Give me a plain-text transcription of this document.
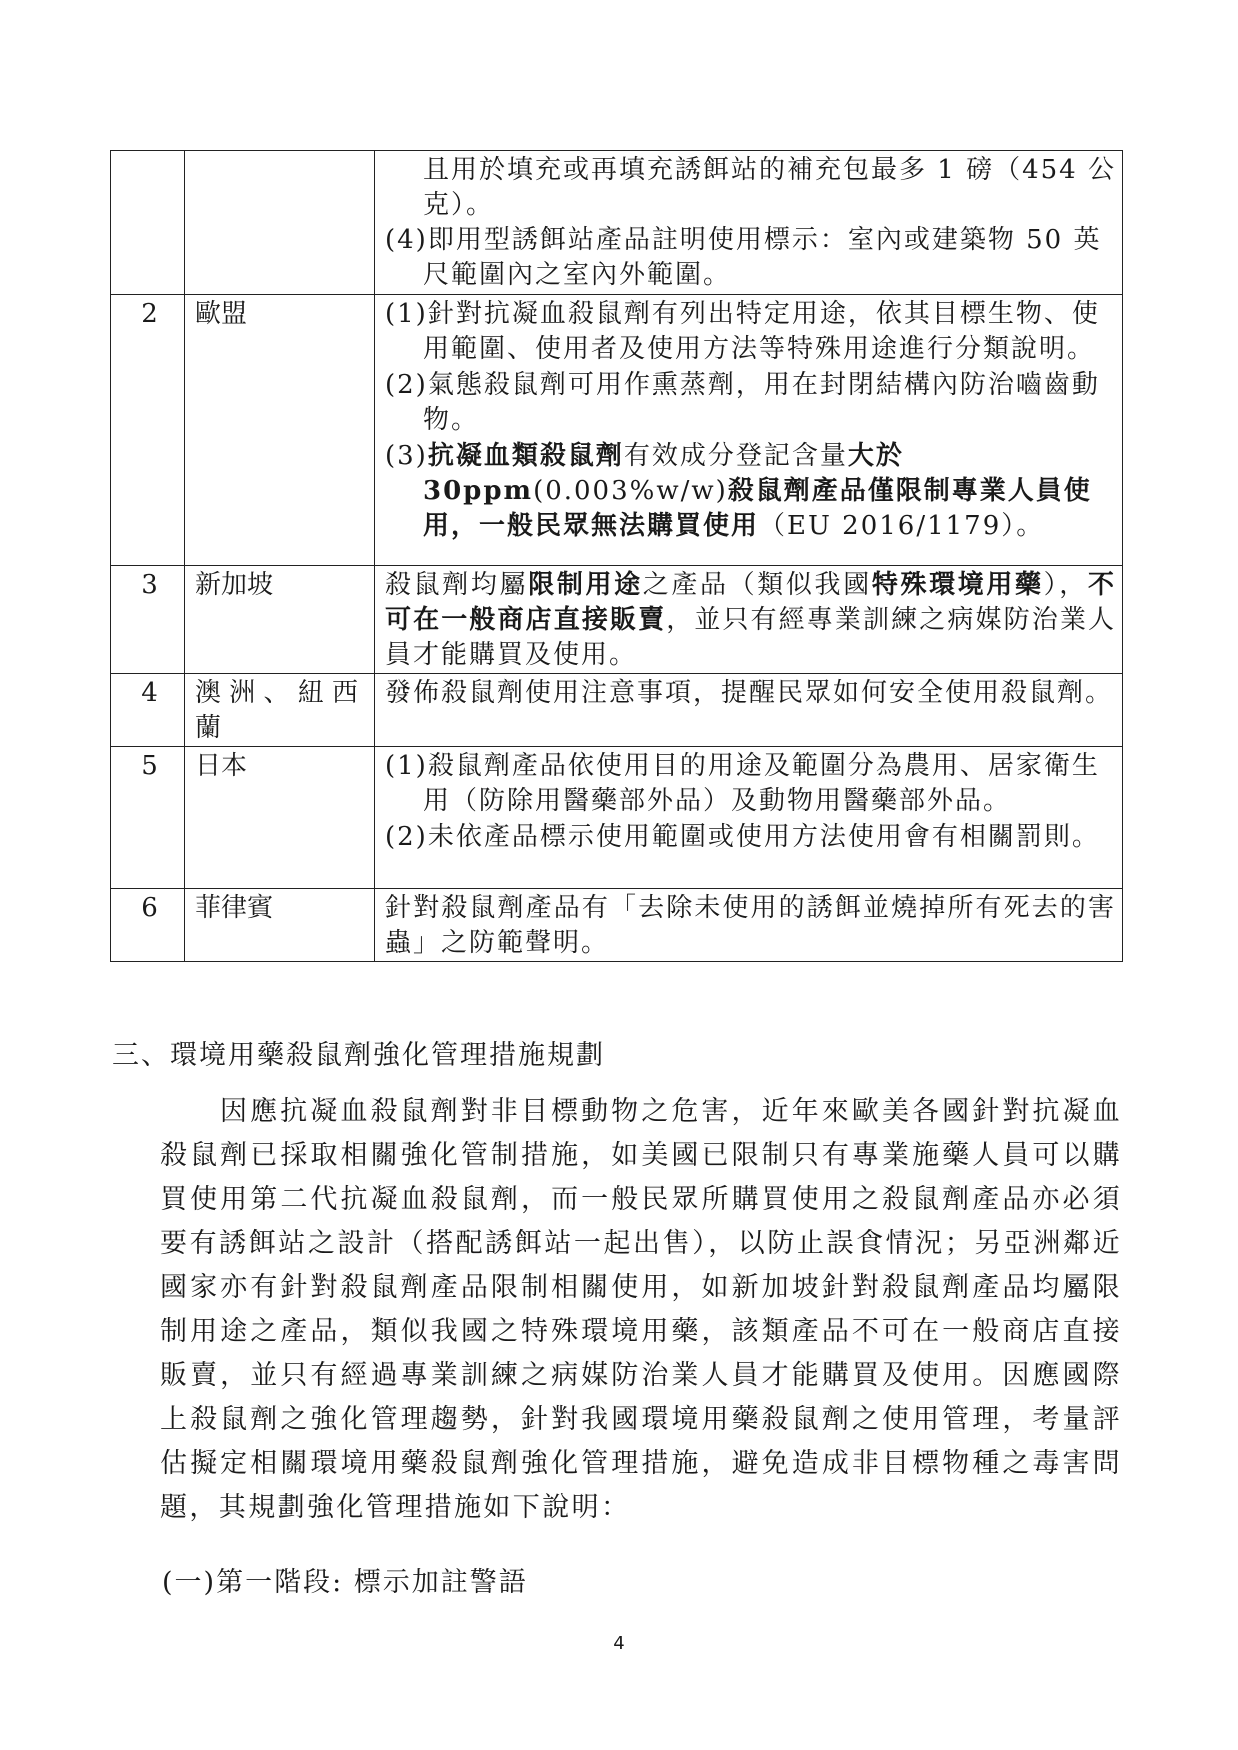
		且用於填充或再填充誘餌站的補充包最多 1 磅（454 公克）。
(4)即用型誘餌站產品註明使用標示：室內或建築物 50 英尺範圍內之室內外範圍。

2	歐盟	(1)針對抗凝血殺鼠劑有列出特定用途，依其目標生物、使用範圍、使用者及使用方法等特殊用途進行分類說明。
(2)氣態殺鼠劑可用作熏蒸劑，用在封閉結構內防治嚙齒動物。
(3)抗凝血類殺鼠劑有效成分登記含量大於 30ppm(0.003%w/w)殺鼠劑產品僅限制專業人員使用，一般民眾無法購買使用（EU 2016/1179）。

3	新加坡	殺鼠劑均屬限制用途之產品（類似我國特殊環境用藥），不可在一般商店直接販賣，並只有經專業訓練之病媒防治業人員才能購買及使用。

4	澳 洲 、 紐 西 蘭	發佈殺鼠劑使用注意事項，提醒民眾如何安全使用殺鼠劑。

5	日本	(1)殺鼠劑產品依使用目的用途及範圍分為農用、居家衛生用（防除用醫藥部外品）及動物用醫藥部外品。
(2)未依產品標示使用範圍或使用方法使用會有相關罰則。

6	菲律賓	針對殺鼠劑產品有「去除未使用的誘餌並燒掉所有死去的害蟲」之防範聲明。
三、環境用藥殺鼠劑強化管理措施規劃

因應抗凝血殺鼠劑對非目標動物之危害，近年來歐美各國針對抗凝血殺鼠劑已採取相關強化管制措施，如美國已限制只有專業施藥人員可以購買使用第二代抗凝血殺鼠劑，而一般民眾所購買使用之殺鼠劑產品亦必須要有誘餌站之設計（搭配誘餌站一起出售），以防止誤食情況；另亞洲鄰近國家亦有針對殺鼠劑產品限制相關使用，如新加坡針對殺鼠劑產品均屬限制用途之產品，類似我國之特殊環境用藥，該類產品不可在一般商店直接販賣，並只有經過專業訓練之病媒防治業人員才能購買及使用。因應國際上殺鼠劑之強化管理趨勢，針對我國環境用藥殺鼠劑之使用管理，考量評估擬定相關環境用藥殺鼠劑強化管理措施，避免造成非目標物種之毒害問題，其規劃強化管理措施如下說明：

(一)第一階段: 標示加註警語
4
